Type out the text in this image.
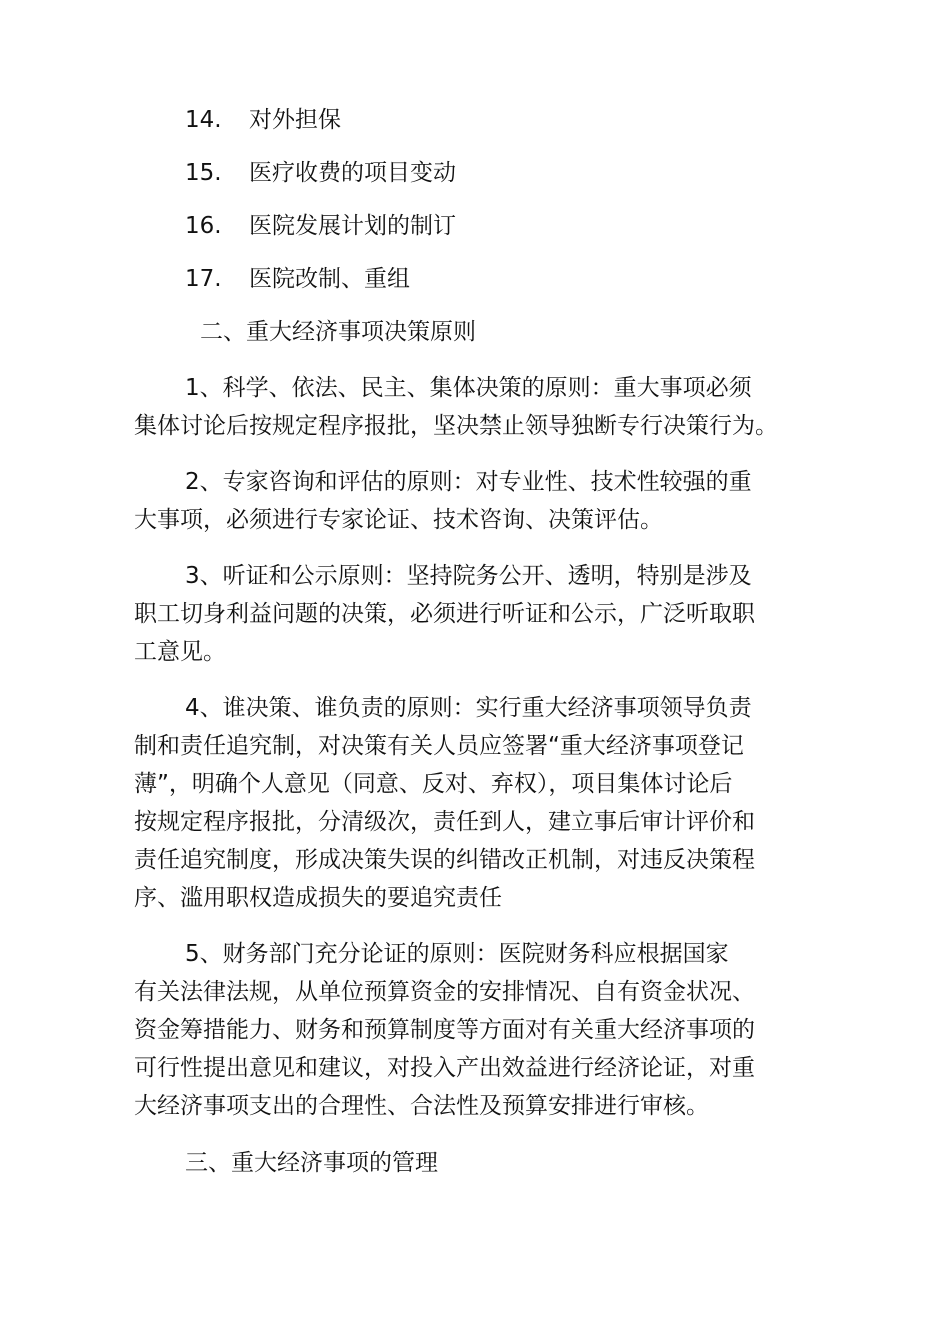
14. 对外担保
15. 医疗收费的项目变动
16. 医院发展计划的制订
17. 医院改制、重组
二、重大经济事项决策原则
1、科学、依法、民主、集体决策的原则：重大事项必须
集体讨论后按规定程序报批，坚决禁止领导独断专行决策行为。
2、专家咨询和评估的原则：对专业性、技术性较强的重
大事项，必须进行专家论证、技术咨询、决策评估。
3、听证和公示原则：坚持院务公开、透明，特别是涉及
职工切身利益问题的决策，必须进行听证和公示，广泛听取职
工意见。
4、谁决策、谁负责的原则：实行重大经济事项领导负责
制和责任追究制，对决策有关人员应签署“重大经济事项登记
薄”，明确个人意见（同意、反对、弃权），项目集体讨论后
按规定程序报批，分清级次，责任到人，建立事后审计评价和
责任追究制度，形成决策失误的纠错改正机制，对违反决策程
序、滥用职权造成损失的要追究责任
5、财务部门充分论证的原则：医院财务科应根据国家
有关法律法规，从单位预算资金的安排情况、自有资金状况、
资金筹措能力、财务和预算制度等方面对有关重大经济事项的
可行性提出意见和建议，对投入产出效益进行经济论证，对重
大经济事项支出的合理性、合法性及预算安排进行审核。
三、重大经济事项的管理
